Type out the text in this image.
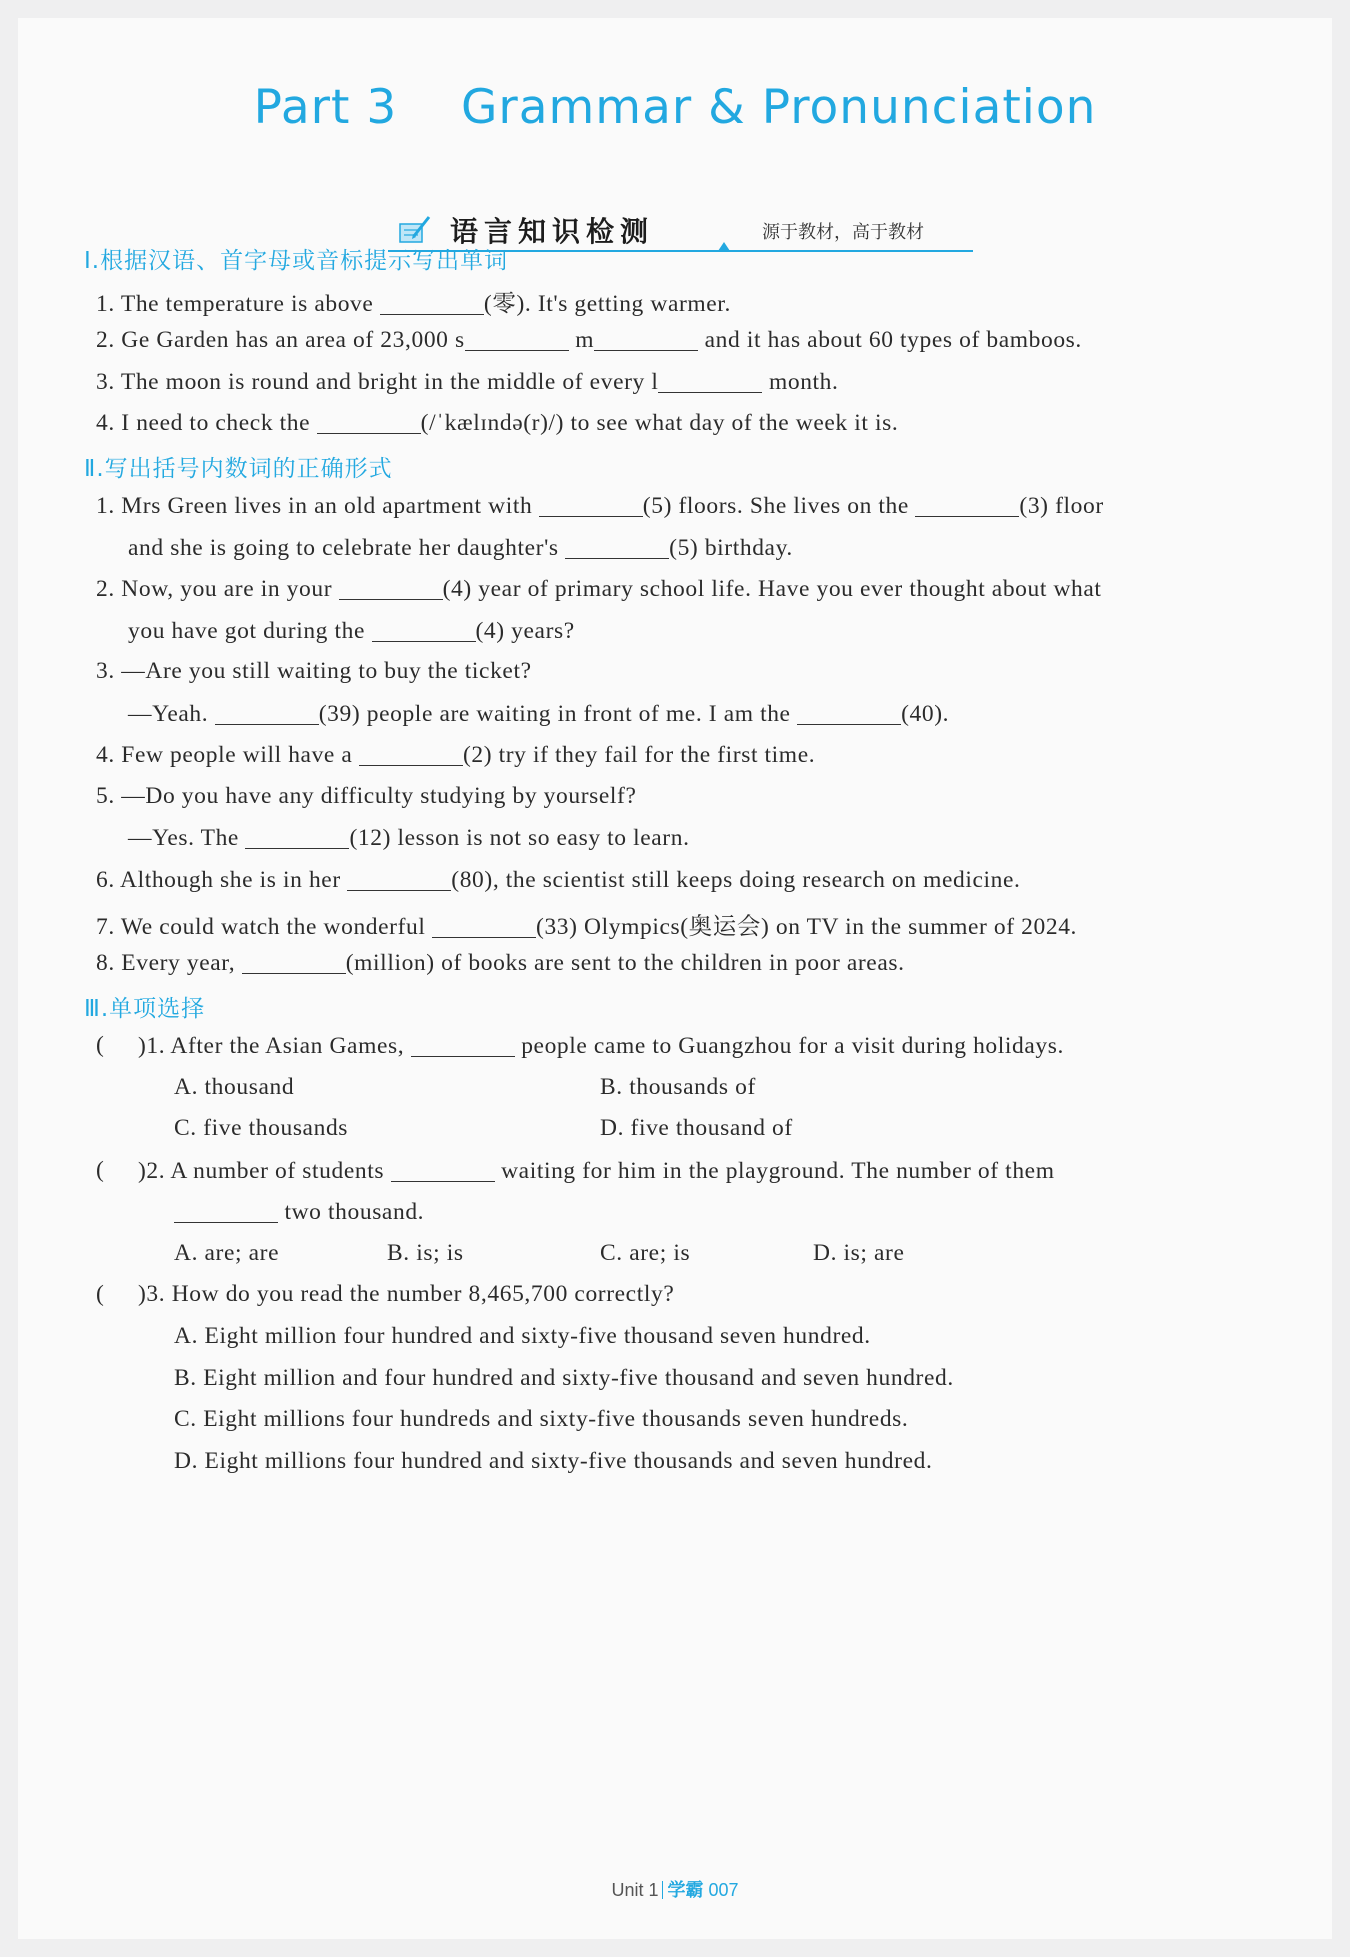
Part 3    Grammar & Pronunciation
语言知识检测	源于教材，高于教材
Ⅰ.根据汉语、首字母或音标提示写出单词
1. The temperature is above	(零). It's getting warmer.
2. Ge Garden has an area of 23,000 s	m	and it has about 60 types of bamboos.
3. The moon is round and bright in the middle of every l	month.
4. I need to check the	(/ˈkælɪndə(r)/) to see what day of the week it is.
Ⅱ.写出括号内数词的正确形式
1. Mrs Green lives in an old apartment with	(5) floors. She lives on the	(3) floor
and she is going to celebrate her daughter's	(5) birthday.
2. Now, you are in your	(4) year of primary school life. Have you ever thought about what
you have got during the	(4) years?
3. —Are you still waiting to buy the ticket?
—Yeah.	(39) people are waiting in front of me. I am the	(40).
4. Few people will have a	(2) try if they fail for the first time.
5. —Do you have any difficulty studying by yourself?
—Yes. The	(12) lesson is not so easy to learn.
6. Although she is in her	(80), the scientist still keeps doing research on medicine.
7. We could watch the wonderful	(33) Olympics(奥运会) on TV in the summer of 2024.
8. Every year,	(million) of books are sent to the children in poor areas.
Ⅲ.单项选择
( )1. After the Asian Games,	people came to Guangzhou for a visit during holidays.
A. thousand	B. thousands of
C. five thousands	D. five thousand of
( )2. A number of students	waiting for him in the playground. The number of them
two thousand.
A. are; are	B. is; is	C. are; is	D. is; are
( )3. How do you read the number 8,465,700 correctly?
A. Eight million four hundred and sixty-five thousand seven hundred.
B. Eight million and four hundred and sixty-five thousand and seven hundred.
C. Eight millions four hundreds and sixty-five thousands seven hundreds.
D. Eight millions four hundred and sixty-five thousands and seven hundred.
Unit 1 学霸 007
